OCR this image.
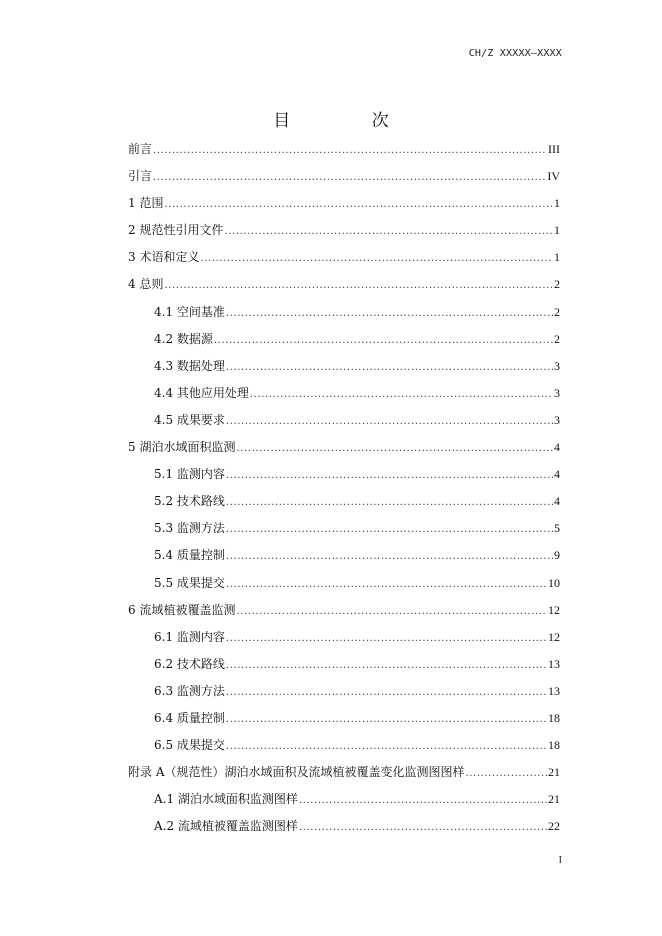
CH/Z XXXXX—XXXX
目 次
前言 .....	III
引言 .....	IV
1 范围 .....	1
2 规范性引用文件 .....	1
3 术语和定义 .....	1
4 总则 .....	2
4.1 空间基准 .....	2
4.2 数据源 .....	2
4.3 数据处理 .....	3
4.4 其他应用处理 .....	3
4.5 成果要求 .....	3
5 湖泊水域面积监测 .....	4
5.1 监测内容 .....	4
5.2 技术路线 .....	4
5.3 监测方法 .....	5
5.4 质量控制 .....	9
5.5 成果提交 .....	10
6 流域植被覆盖监测 .....	12
6.1 监测内容 .....	12
6.2 技术路线 .....	13
6.3 监测方法 .....	13
6.4 质量控制 .....	18
6.5 成果提交 .....	18
附录 A（规范性）湖泊水域面积及流域植被覆盖变化监测图图样 .....	21
A.1 湖泊水域面积监测图样 .....	21
A.2 流域植被覆盖监测图样 .....	22
I
